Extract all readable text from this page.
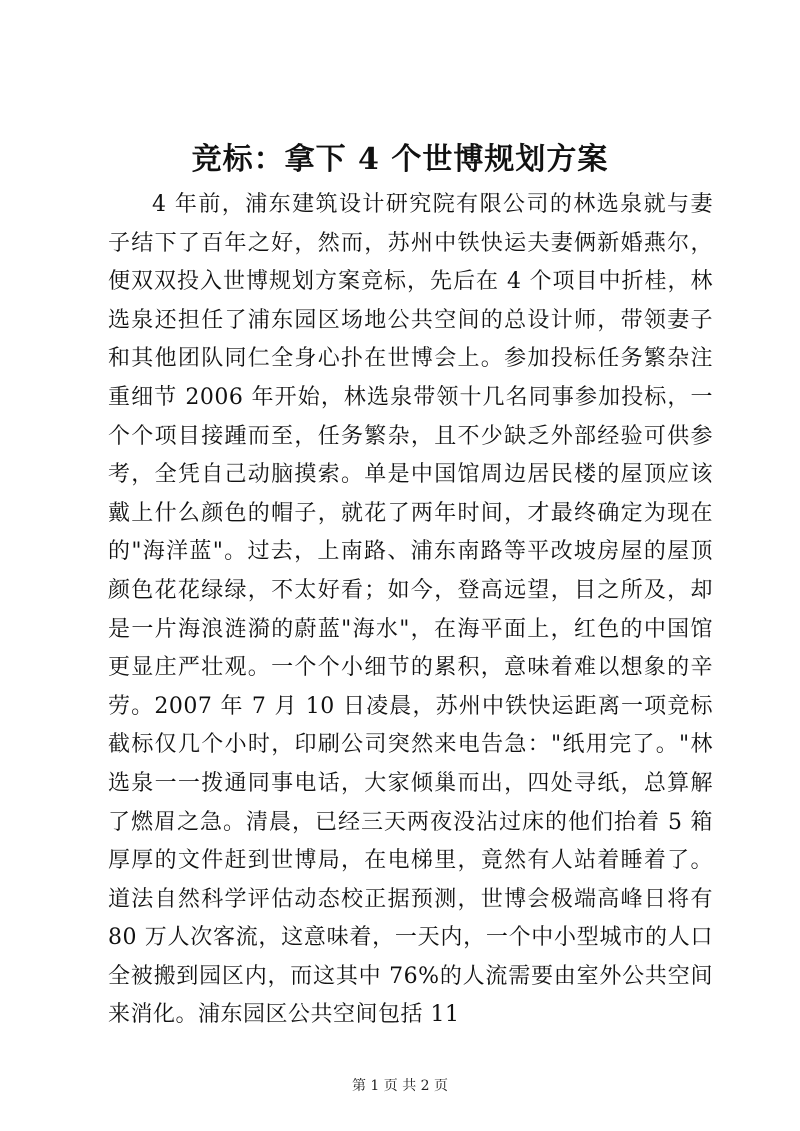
竞标：拿下 4 个世博规划方案

4 年前，浦东建筑设计研究院有限公司的林选泉就与妻子结下了百年之好，然而，苏州中铁快运夫妻俩新婚燕尔，便双双投入世博规划方案竞标，先后在 4 个项目中折桂，林选泉还担任了浦东园区场地公共空间的总设计师，带领妻子和其他团队同仁全身心扑在世博会上。参加投标任务繁杂注重细节 2006 年开始，林选泉带领十几名同事参加投标，一个个项目接踵而至，任务繁杂，且不少缺乏外部经验可供参考，全凭自己动脑摸索。单是中国馆周边居民楼的屋顶应该戴上什么颜色的帽子，就花了两年时间，才最终确定为现在的"海洋蓝"。过去，上南路、浦东南路等平改坡房屋的屋顶颜色花花绿绿，不太好看；如今，登高远望，目之所及，却是一片海浪涟漪的蔚蓝"海水"，在海平面上，红色的中国馆更显庄严壮观。一个个小细节的累积，意味着难以想象的辛劳。2007 年 7 月 10 日凌晨，苏州中铁快运距离一项竞标截标仅几个小时，印刷公司突然来电告急："纸用完了。"林选泉一一拨通同事电话，大家倾巢而出，四处寻纸，总算解了燃眉之急。清晨，已经三天两夜没沾过床的他们抬着 5 箱厚厚的文件赶到世博局，在电梯里，竟然有人站着睡着了。道法自然科学评估动态校正据预测，世博会极端高峰日将有 80 万人次客流，这意味着，一天内，一个中小型城市的人口全被搬到园区内，而这其中 76%的人流需要由室外公共空间来消化。浦东园区公共空间包括 11

第 1 页 共 2 页
